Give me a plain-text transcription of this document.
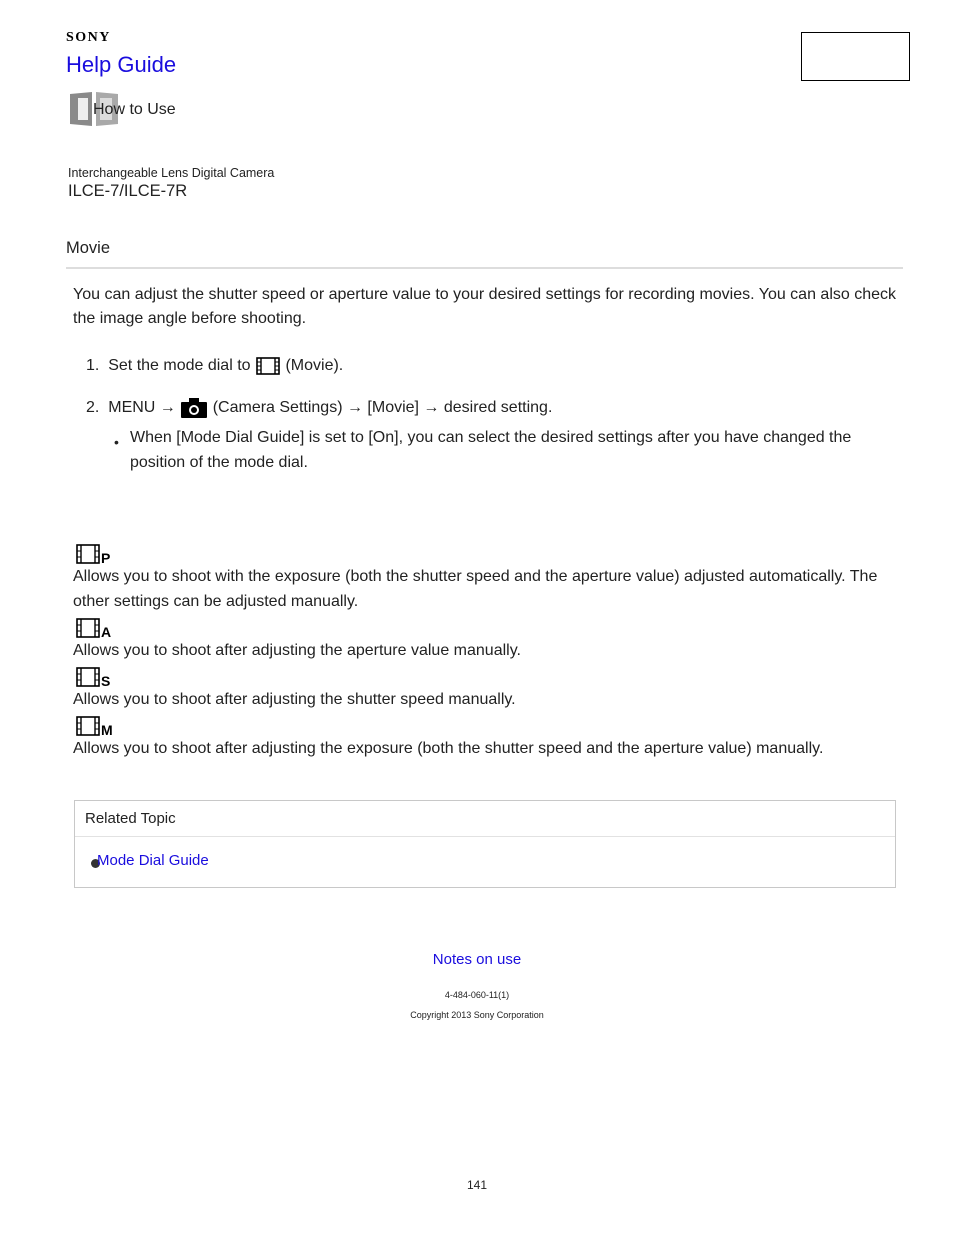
SONY
Help Guide
How to Use
Interchangeable Lens Digital Camera
ILCE-7/ILCE-7R
Movie
You can adjust the shutter speed or aperture value to your desired settings for recording movies. You can also check the image angle before shooting.
1. Set the mode dial to (Movie).
2. MENU → (Camera Settings) → [Movie] → desired setting.
• When [Mode Dial Guide] is set to [On], you can select the desired settings after you have changed the position of the mode dial.
P
Allows you to shoot with the exposure (both the shutter speed and the aperture value) adjusted automatically. The other settings can be adjusted manually.
A
Allows you to shoot after adjusting the aperture value manually.
S
Allows you to shoot after adjusting the shutter speed manually.
M
Allows you to shoot after adjusting the exposure (both the shutter speed and the aperture value) manually.
Related Topic
Mode Dial Guide
Notes on use
4-484-060-11(1)
Copyright 2013 Sony Corporation
141
